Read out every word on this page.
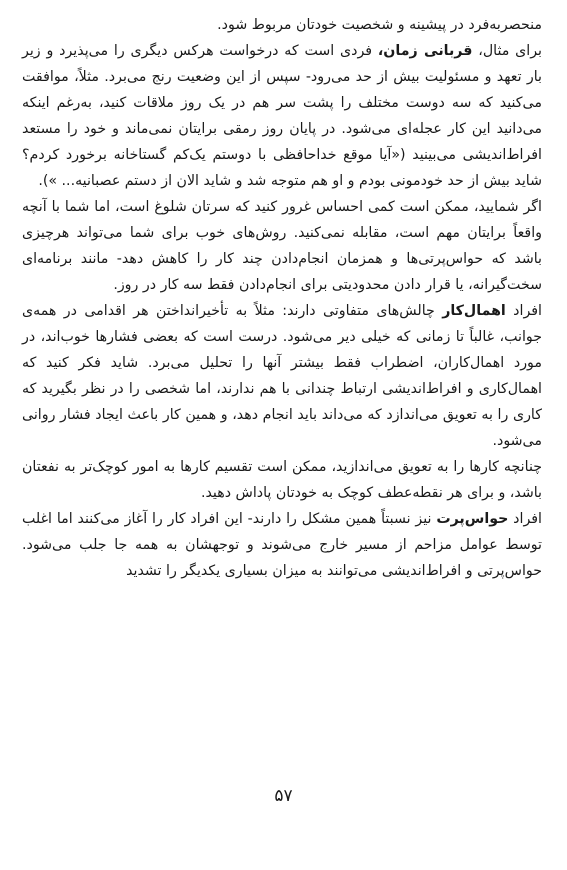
منحصربه‌فرد در پیشینه و شخصیت خودتان مربوط شود.

برای مثال، قربانی زمان، فردی است که درخواست هرکس دیگری را می‌پذیرد و زیر بار تعهد و مسئولیت بیش از حد می‌رود- سپس از این وضعیت رنج می‌برد. مثلاً، موافقت می‌کنید که سه دوست مختلف را پشت سر هم در یک روز ملاقات کنید، به‌رغم اینکه می‌دانید این کار عجله‌ای می‌شود. در پایان روز رمقی برایتان نمی‌ماند و خود را مستعد افراط‌اندیشی می‌بینید («آیا موقع خداحافظی با دوستم یک‌کم گستاخانه برخورد کردم؟ شاید بیش از حد خودمونی بودم و او هم متوجه شد و شاید الان از دستم عصبانیه... »).

اگر شمایید، ممکن است کمی احساس غرور کنید که سرتان شلوغ است، اما شما با آنچه واقعاً برایتان مهم است، مقابله نمی‌کنید. روش‌های خوب برای شما می‌تواند هرچیزی باشد که حواس‌پرتی‌ها و همزمان انجام‌دادن چند کار را کاهش دهد- مانند برنامه‌ای سخت‌گیرانه، یا قرار دادن محدودیتی برای انجام‌دادن فقط سه کار در روز.

افراد اهمال‌کار چالش‌های متفاوتی دارند: مثلاً به تأخیرانداختن هر اقدامی در همه‌ی جوانب، غالباً تا زمانی که خیلی دیر می‌شود. درست است که بعضی فشارها خوب‌اند، در مورد اهمال‌کاران، اضطراب فقط بیشتر آنها را تحلیل می‌برد. شاید فکر کنید که اهمال‌کاری و افراط‌اندیشی ارتباط چندانی با هم ندارند، اما شخصی را در نظر بگیرید که کاری را به تعویق می‌اندازد که می‌داند باید انجام دهد، و همین کار باعث ایجاد فشار روانی می‌شود.

چنانچه کارها را به تعویق می‌اندازید، ممکن است تقسیم کارها به امور کوچک‌تر به نفعتان باشد، و برای هر نقطه‌عطف کوچک به خودتان پاداش دهید.

افراد حواس‌پرت نیز نسبتاً همین مشکل را دارند- این افراد کار را آغاز می‌کنند اما اغلب توسط عوامل مزاحم از مسیر خارج می‌شوند و توجهشان به همه جا جلب می‌شود. حواس‌پرتی و افراط‌اندیشی می‌توانند به میزان بسیاری یکدیگر را تشدید

۵۷
